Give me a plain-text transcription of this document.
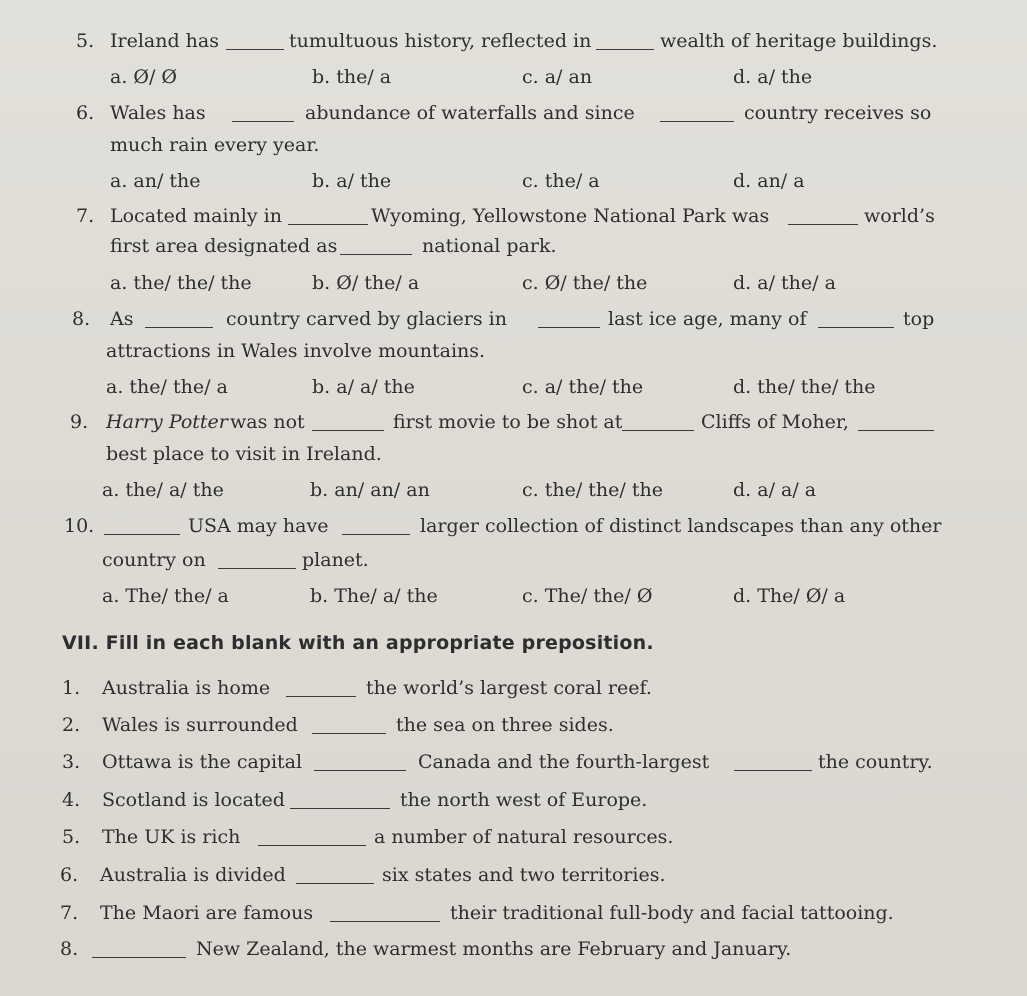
5. Ireland has	tumultuous history, reflected in	wealth of heritage buildings.
a. Ø/ Ø	b. the/ a	c. a/ an	d. a/ the
6. Wales has	abundance of waterfalls and since	country receives so
much rain every year.
a. an/ the	b. a/ the	c. the/ a	d. an/ a
7. Located mainly in	Wyoming, Yellowstone National Park was	world’s
first area designated as	national park.
a. the/ the/ the	b. Ø/ the/ a	c. Ø/ the/ the	d. a/ the/ a
8. As	country carved by glaciers in	last ice age, many of	top
attractions in Wales involve mountains.
a. the/ the/ a	b. a/ a/ the	c. a/ the/ the	d. the/ the/ the
9. Harry Potter was not	first movie to be shot at	Cliffs of Moher,
best place to visit in Ireland.
a. the/ a/ the	b. an/ an/ an	c. the/ the/ the	d. a/ a/ a
10.	USA may have	larger collection of distinct landscapes than any other
country on	planet.
a. The/ the/ a	b. The/ a/ the	c. The/ the/ Ø	d. The/ Ø/ a
VII. Fill in each blank with an appropriate preposition.
1. Australia is home	the world’s largest coral reef.
2. Wales is surrounded	the sea on three sides.
3. Ottawa is the capital	Canada and the fourth-largest	the country.
4. Scotland is located	the north west of Europe.
5. The UK is rich	a number of natural resources.
6. Australia is divided	six states and two territories.
7. The Maori are famous	their traditional full-body and facial tattooing.
8.	New Zealand, the warmest months are February and January.
